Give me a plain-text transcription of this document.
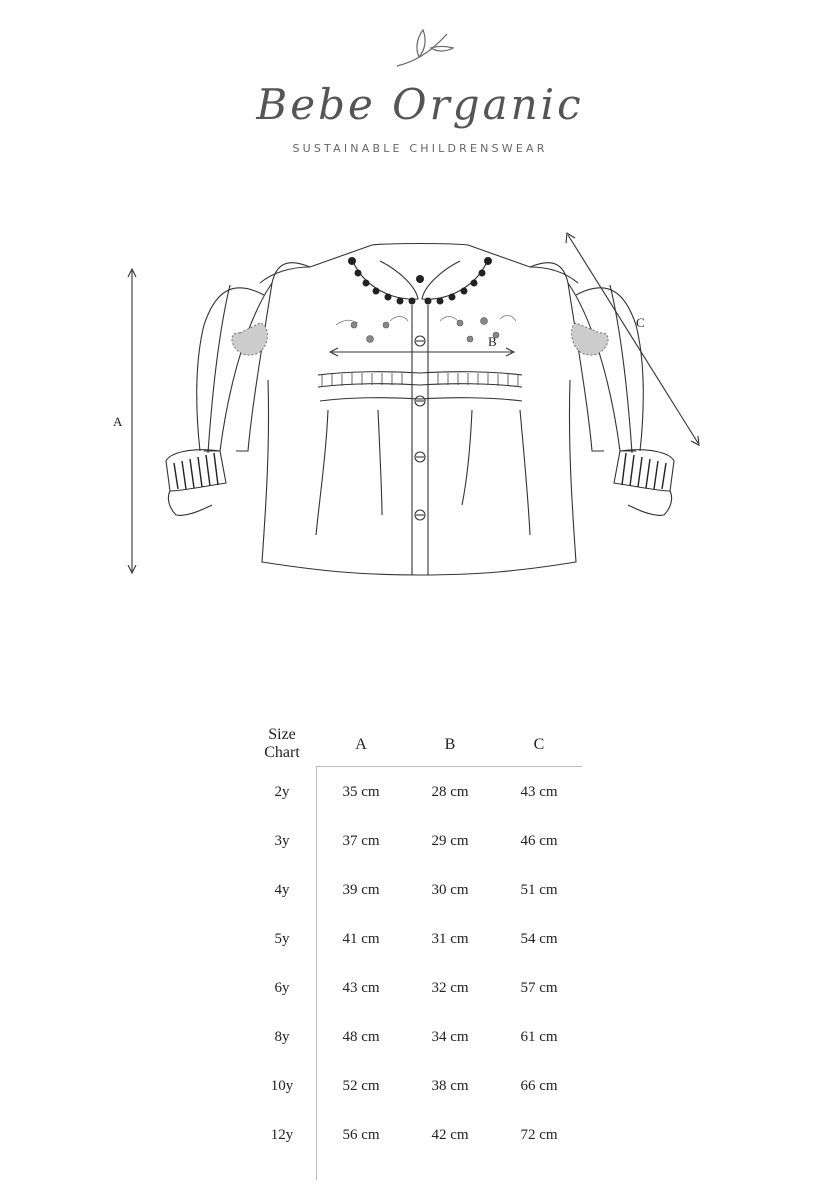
Bebe Organic
SUSTAINABLE CHILDRENSWEAR
A
B
C
Size
Chart	A	B	C
2y	35 cm	28 cm	43 cm
3y	37 cm	29 cm	46 cm
4y	39 cm	30 cm	51 cm
5y	41 cm	31 cm	54 cm
6y	43 cm	32 cm	57 cm
8y	48 cm	34 cm	61 cm
10y	52 cm	38 cm	66 cm
12y	56 cm	42 cm	72 cm
